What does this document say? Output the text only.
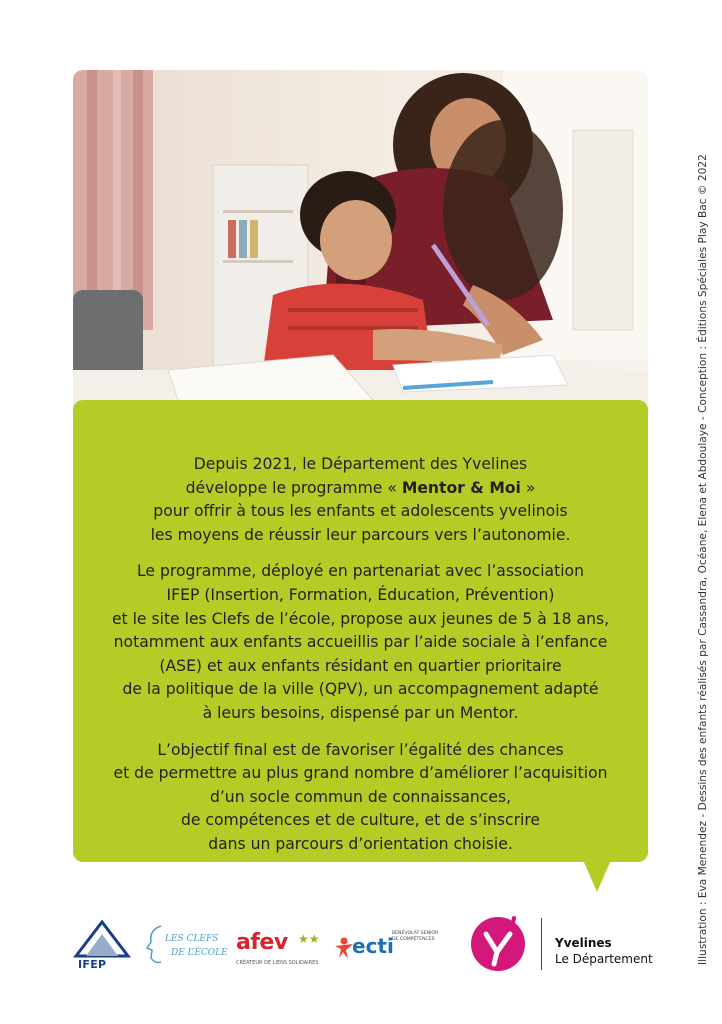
Depuis 2021, le Département des Yvelines
développe le programme « Mentor & Moi »
pour offrir à tous les enfants et adolescents yvelinois
les moyens de réussir leur parcours vers l’autonomie.

Le programme, déployé en partenariat avec l’association
IFEP (Insertion, Formation, Éducation, Prévention)
et le site les Clefs de l’école, propose aux jeunes de 5 à 18 ans,
notamment aux enfants accueillis par l’aide sociale à l’enfance
(ASE) et aux enfants résidant en quartier prioritaire
de la politique de la ville (QPV), un accompagnement adapté
à leurs besoins, dispensé par un Mentor.

L’objectif final est de favoriser l’égalité des chances
et de permettre au plus grand nombre d’améliorer l’acquisition
d’un socle commun de connaissances,
de compétences et de culture, et de s’inscrire
dans un parcours d’orientation choisie.	Illustration : Eva Menendez - Dessins des enfants réalisés par Cassandra, Océane, Elena et Abdoulaye - Conception : Éditions Spéciales Play Bac © 2022
IFEP
LES CLEFS
DE L’ÉCOLE afev ★★
CRÉATEUR DE LIENS SOLIDAIRES
ecti
BÉNÉVOLAT SENIOR DE COMPÉTENCES	Yvelines
Le Département
